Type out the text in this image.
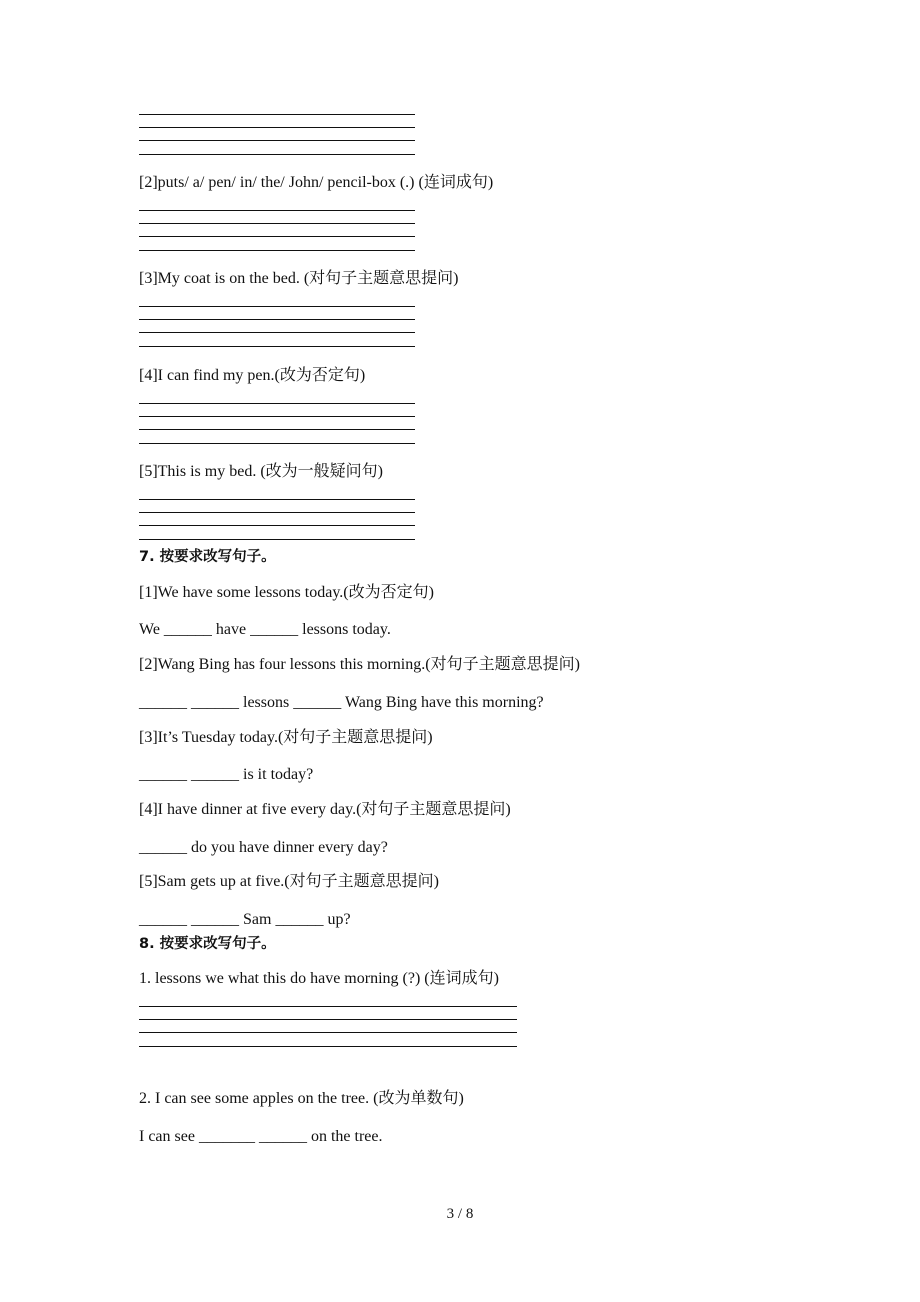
[2]puts/ a/ pen/ in/ the/ John/ pencil-box (.) (连词成句)
[3]My coat is on the bed. (对句子主题意思提问)
[4]I can find my pen.(改为否定句)
[5]This is my bed. (改为一般疑问句)
7. 按要求改写句子。
[1]We have some lessons today.(改为否定句)
We ______ have ______ lessons today.
[2]Wang Bing has four lessons this morning.(对句子主题意思提问)
______ ______ lessons ______ Wang Bing have this morning?
[3]It’s Tuesday today.(对句子主题意思提问)
______ ______ is it today?
[4]I have dinner at five every day.(对句子主题意思提问)
______ do you have dinner every day?
[5]Sam gets up at five.(对句子主题意思提问)
______ ______ Sam ______ up?
8. 按要求改写句子。
1. lessons we what this do have morning (?) (连词成句)
2. I can see some apples on the tree. (改为单数句)
I can see _______ ______ on the tree.
3 / 8
